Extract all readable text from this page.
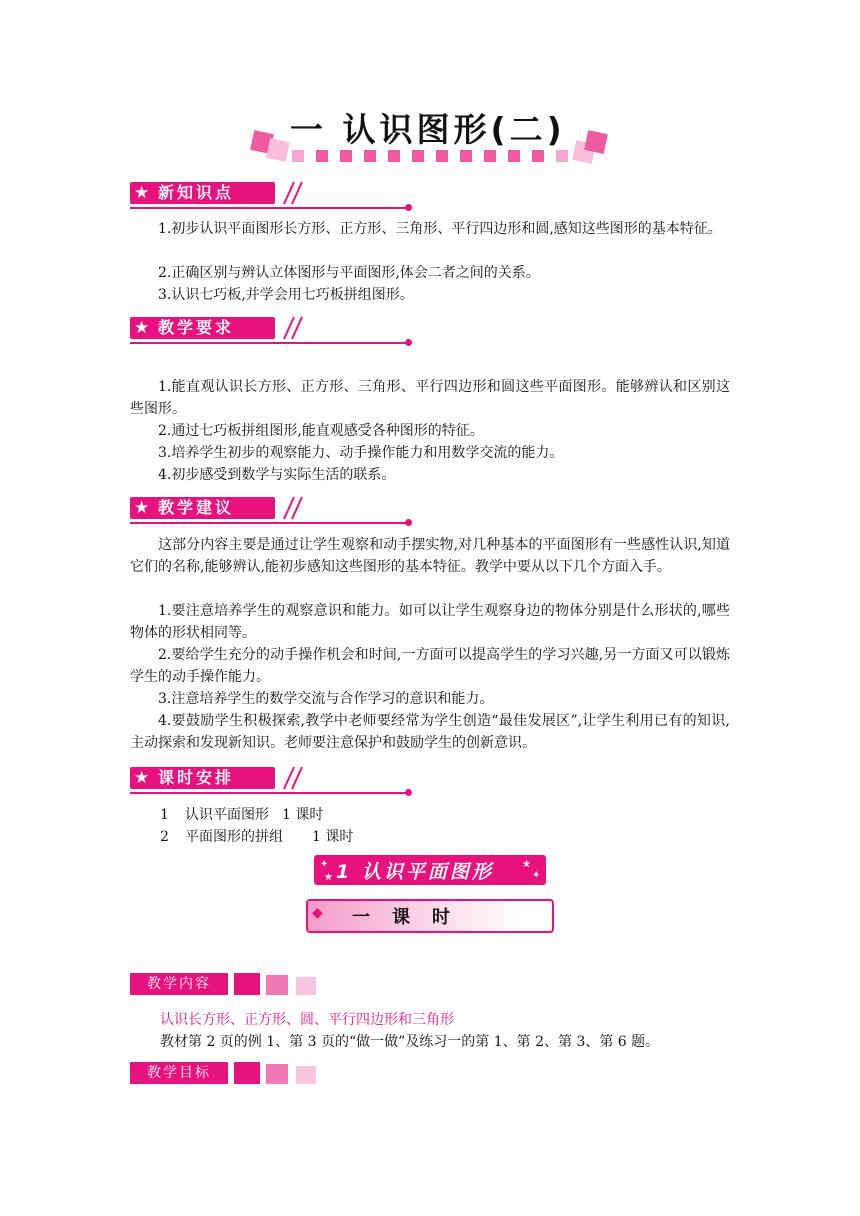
一 认识图形(二)
★ 新知识点

1.初步认识平面图形长方形、正方形、三角形、平行四边形和圆,感知这些图形的基本特征。

2.正确区别与辨认立体图形与平面图形,体会二者之间的关系。

3.认识七巧板,并学会用七巧板拼组图形。

★ 教学要求

1.能直观认识长方形、正方形、三角形、平行四边形和圆这些平面图形。能够辨认和区别这些图形。

2.通过七巧板拼组图形,能直观感受各种图形的特征。

3.培养学生初步的观察能力、动手操作能力和用数学交流的能力。

4.初步感受到数学与实际生活的联系。

★ 教学建议

这部分内容主要是通过让学生观察和动手摆实物,对几种基本的平面图形有一些感性认识,知道它们的名称,能够辨认,能初步感知这些图形的基本特征。教学中要从以下几个方面入手。

1.要注意培养学生的观察意识和能力。如可以让学生观察身边的物体分别是什么形状的,哪些物体的形状相同等。

2.要给学生充分的动手操作机会和时间,一方面可以提高学生的学习兴趣,另一方面又可以锻炼学生的动手操作能力。

3.注意培养学生的数学交流与合作学习的意识和能力。

4.要鼓励学生积极探索,教学中老师要经常为学生创造“最佳发展区”,让学生利用已有的知识,主动探索和发现新知识。老师要注意保护和鼓励学生的创新意识。

★ 课时安排
1 认识平面图形 1 课时
2 平面图形的拼组 1 课时
✦
★ 1 认识平面图形	★
✦
◆ 一课时
教学内容
认识长方形、正方形、圆、平行四边形和三角形
教材第 2 页的例 1、第 3 页的“做一做”及练习一的第 1、第 2、第 3、第 6 题。
教学目标
